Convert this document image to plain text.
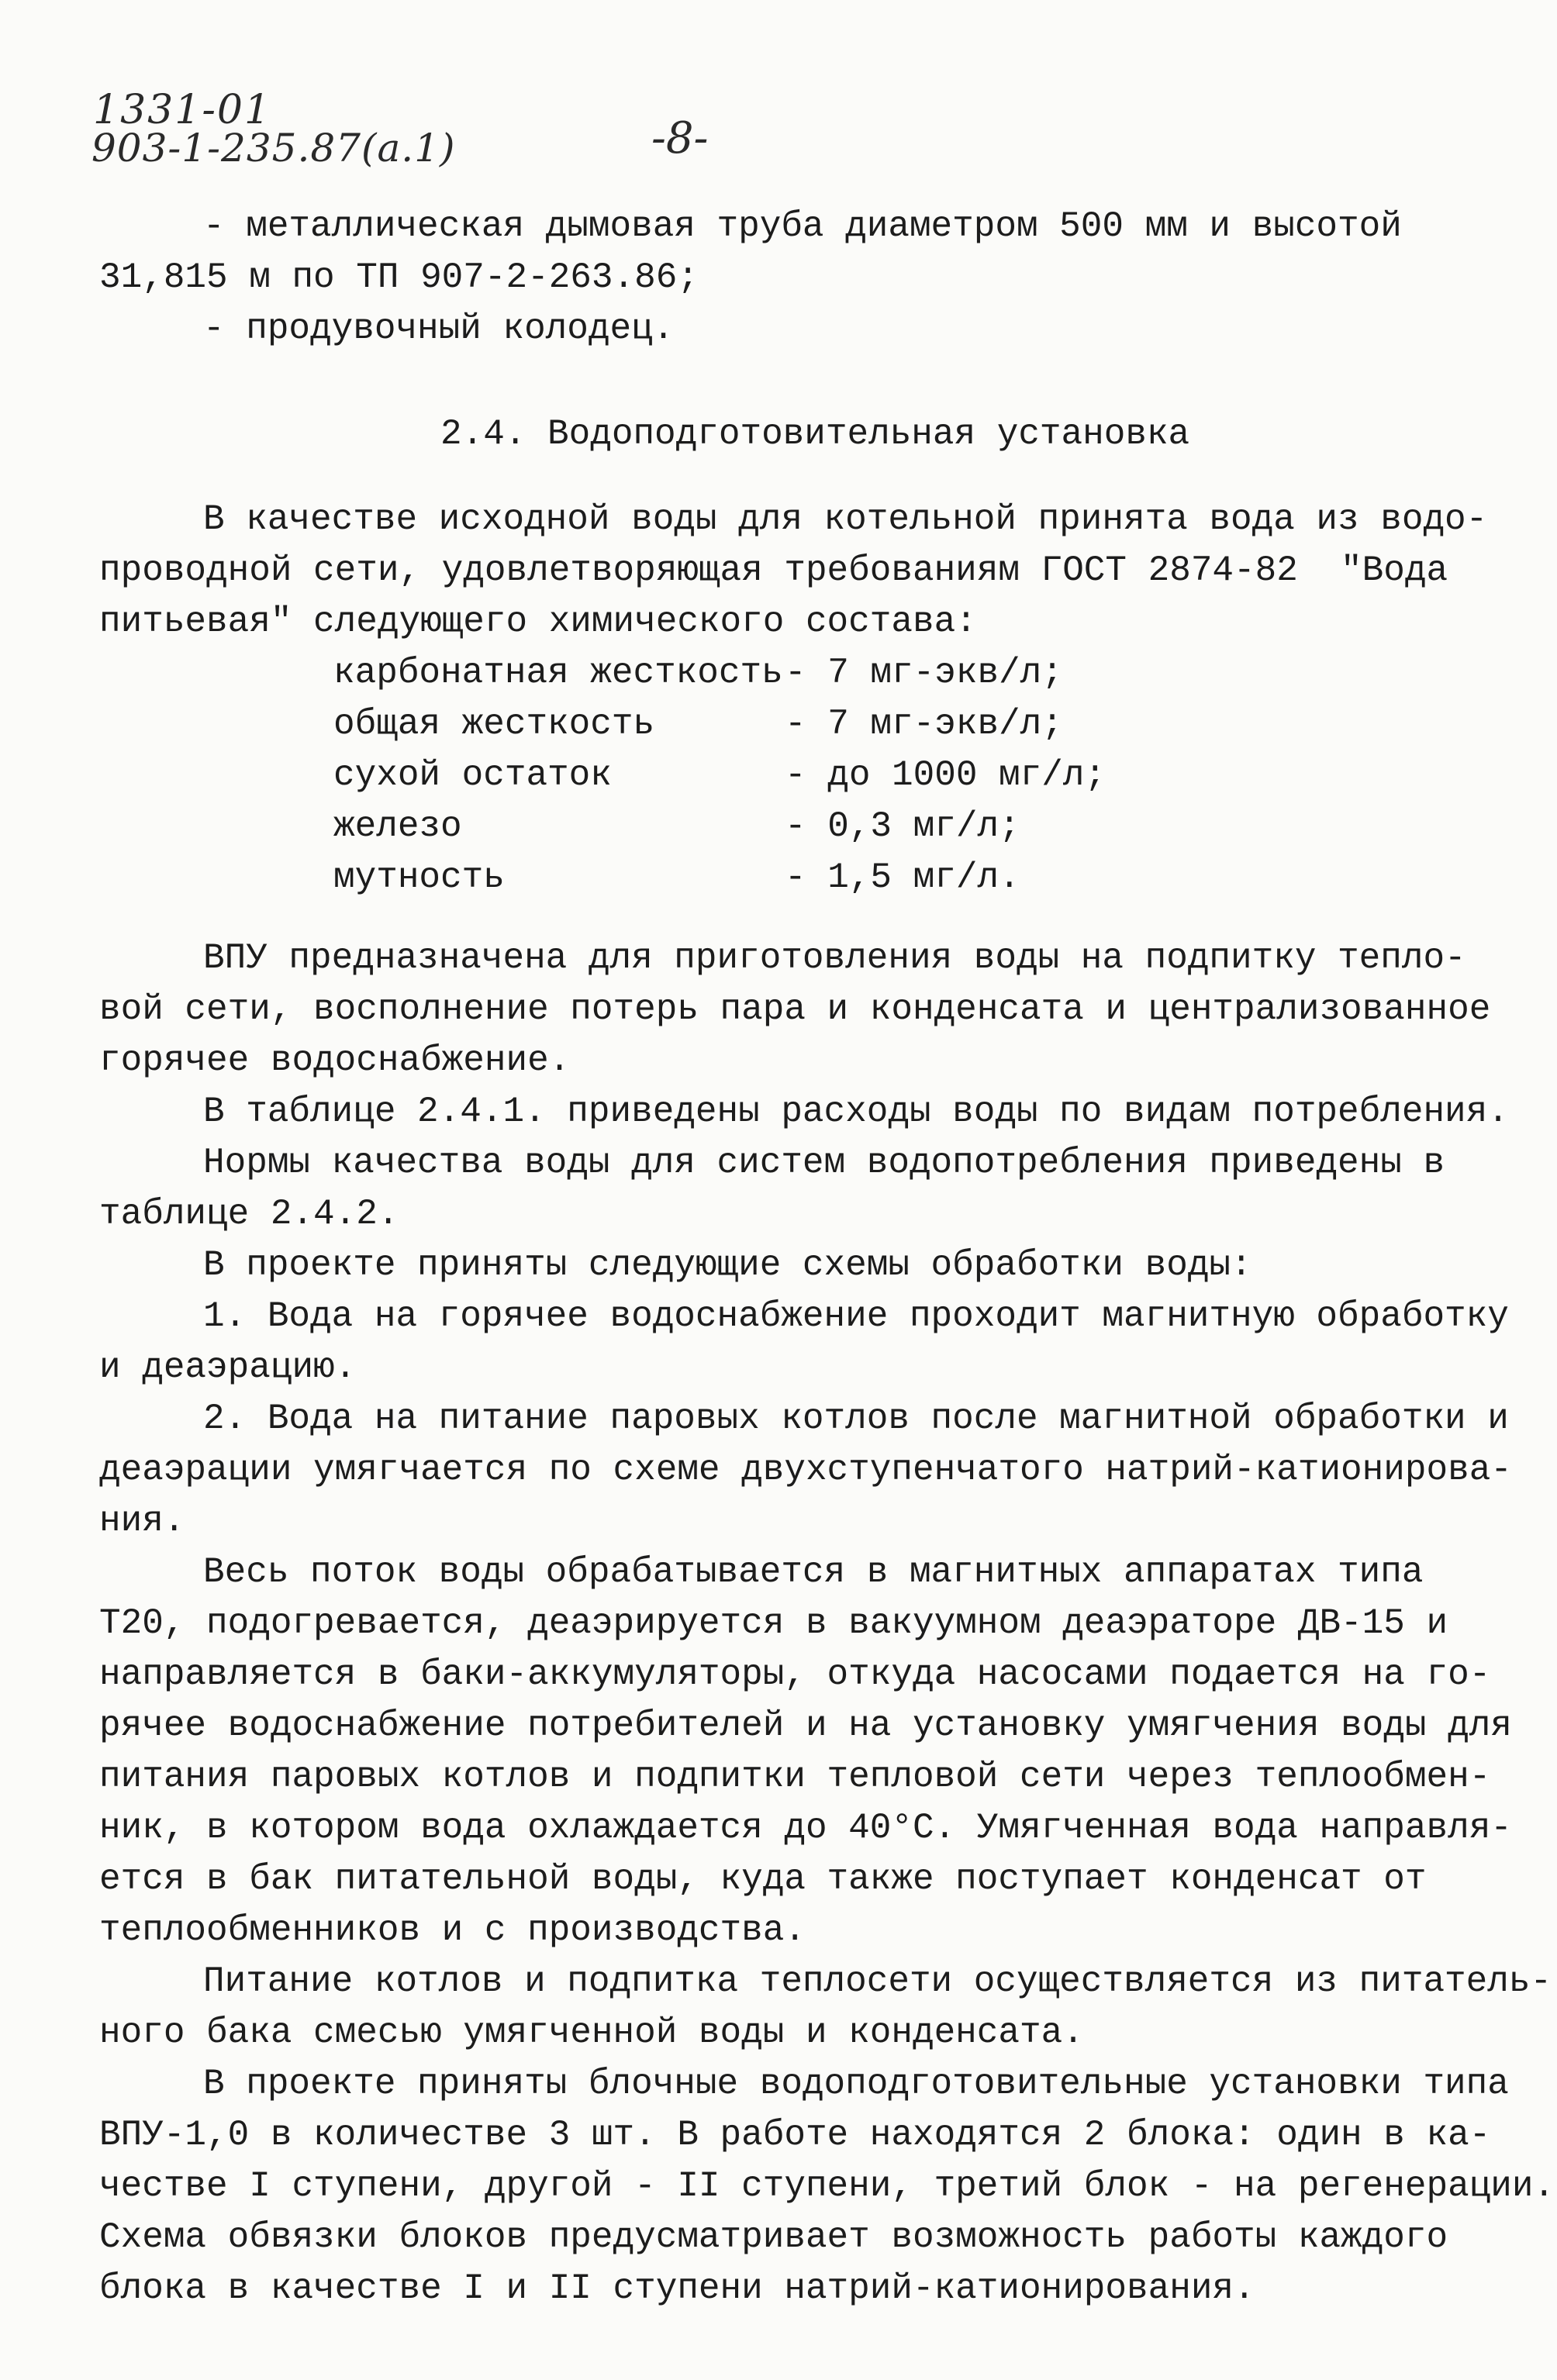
1331-01
903-1-235.87(a.1)	-8-
- металлическая дымовая труба диаметром 500 мм и высотой
31,815 м по ТП 907-2-263.86;
- продувочный колодец.
2.4. Водоподготовительная установка
В качестве исходной воды для котельной принята вода из водо-
проводной сети, удовлетворяющая требованиям ГОСТ 2874-82  "Вода
питьевая" следующего химического состава:
карбонатная жесткость - 7 мг-экв/л;
общая жесткость	- 7 мг-экв/л;
сухой остаток	- до 1000 мг/л;
железо	- 0,3 мг/л;
мутность	- 1,5 мг/л.
ВПУ предназначена для приготовления воды на подпитку тепло-
вой сети, восполнение потерь пара и конденсата и централизованное
горячее водоснабжение.
В таблице 2.4.1. приведены расходы воды по видам потребления.
Нормы качества воды для систем водопотребления приведены в
таблице 2.4.2.
В проекте приняты следующие схемы обработки воды:
1. Вода на горячее водоснабжение проходит магнитную обработку
и деаэрацию.
2. Вода на питание паровых котлов после магнитной обработки и
деаэрации умягчается по схеме двухступенчатого натрий-катионирова-
ния.
Весь поток воды обрабатывается в магнитных аппаратах типа
Т20, подогревается, деаэрируется в вакуумном деаэраторе ДВ-15 и
направляется в баки-аккумуляторы, откуда насосами подается на го-
рячее водоснабжение потребителей и на установку умягчения воды для
питания паровых котлов и подпитки тепловой сети через теплообмен-
ник, в котором вода охлаждается до 40°С. Умягченная вода направля-
ется в бак питательной воды, куда также поступает конденсат от
теплообменников и с производства.
Питание котлов и подпитка теплосети осуществляется из питатель-
ного бака смесью умягченной воды и конденсата.
В проекте приняты блочные водоподготовительные установки типа
ВПУ-1,0 в количестве 3 шт. В работе находятся 2 блока: один в ка-
честве I ступени, другой - II ступени, третий блок - на регенерации.
Схема обвязки блоков предусматривает возможность работы каждого
блока в качестве I и II ступени натрий-катионирования.
